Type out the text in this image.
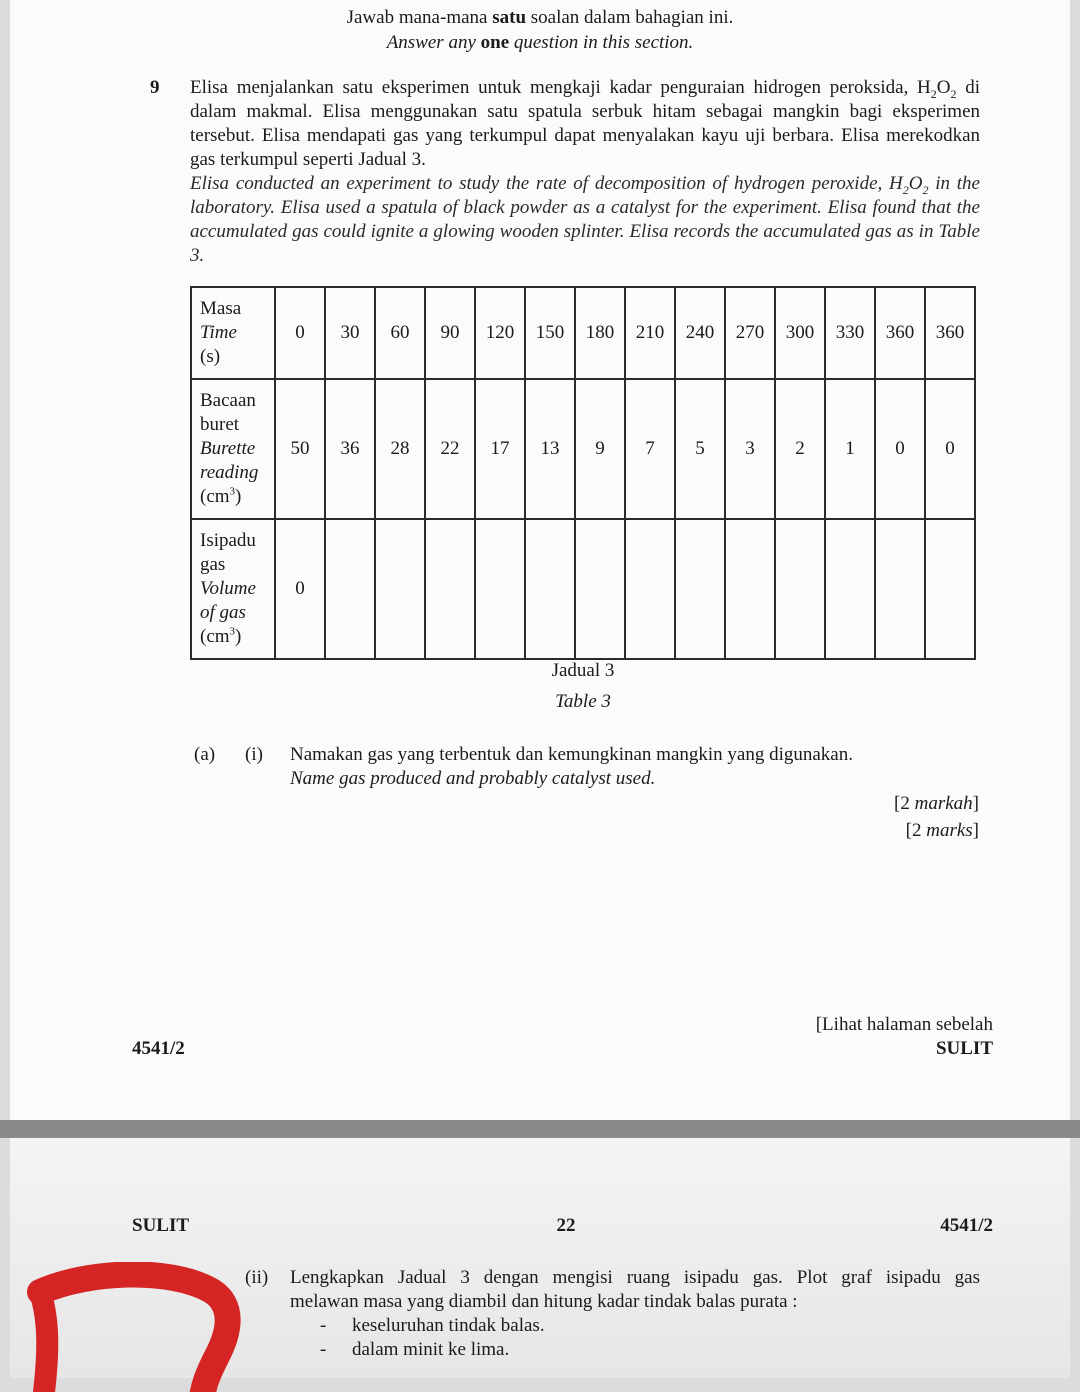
Jawab mana-mana satu soalan dalam bahagian ini.
Answer any one question in this section.
9 Elisa menjalankan satu eksperimen untuk mengkaji kadar penguraian hidrogen peroksida, $H_2O_2$ di dalam makmal. Elisa menggunakan satu spatula serbuk hitam sebagai mangkin bagi eksperimen tersebut. Elisa mendapati gas yang terkumpul dapat menyalakan kayu uji berbara. Elisa merekodkan gas terkumpul seperti Jadual 3.
Elisa conducted an experiment to study the rate of decomposition of hydrogen peroxide, $H_2O_2$ in the laboratory. Elisa used a spatula of black powder as a catalyst for the experiment. Elisa found that the accumulated gas could ignite a glowing wooden splinter. Elisa records the accumulated gas as in Table 3.
Masa
Time
(s)	0	30	60	90	120	150	180	210	240	270	300	330	360	360

Bacaan
buret
Burette
reading
$(cm^3)$	50	36	28	22	17	13	9	7	5	3	2	1	0	0

Isipadu
gas
Volume
of gas
$(cm^3)$	0													
Jadual 3
Table 3
(a) (i) Namakan gas yang terbentuk dan kemungkinan mangkin yang digunakan.
Name gas produced and probably catalyst used.
[2 markah]
[2 marks]
[Lihat halaman sebelah
4541/2	SULIT
SULIT	22	4541/2
(ii) Lengkapkan Jadual 3 dengan mengisi ruang isipadu gas. Plot graf isipadu gas
melawan masa yang diambil dan hitung kadar tindak balas purata :
- keseluruhan tindak balas.
- dalam minit ke lima.
